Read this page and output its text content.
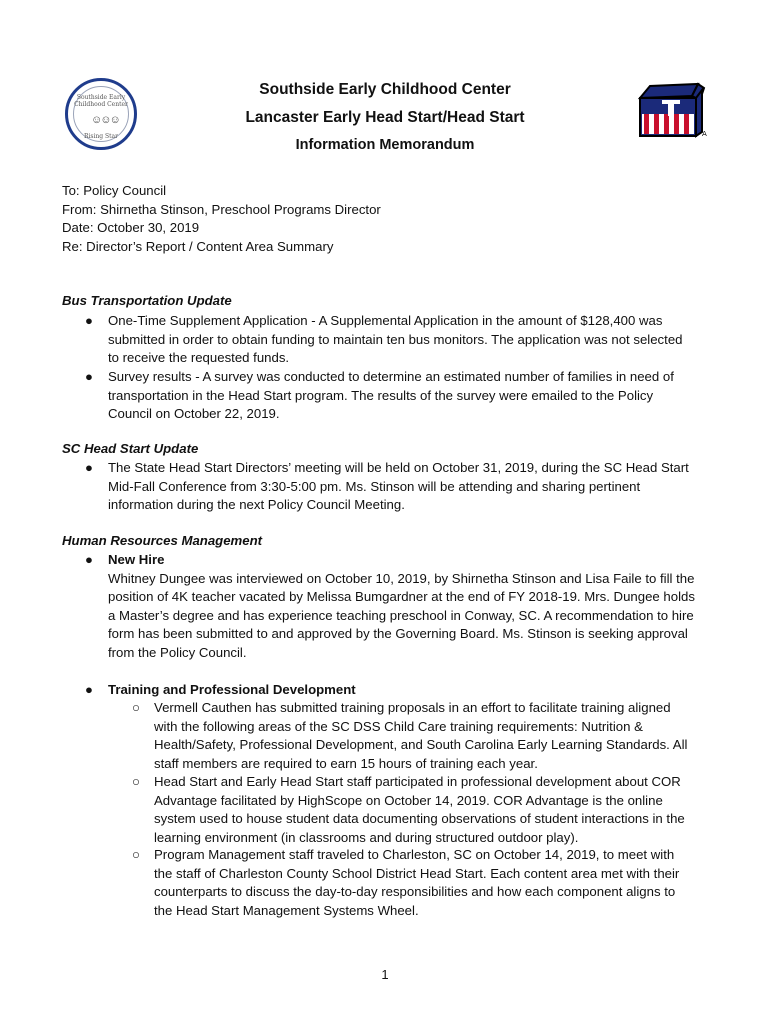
Southside Early
Childhood Center
☺☺☺
Rising Star	A
Southside Early Childhood Center
Lancaster Early Head Start/Head Start
Information Memorandum
To: Policy Council
From: Shirnetha Stinson, Preschool Programs Director
Date: October 30, 2019
Re: Director’s Report / Content Area Summary
Bus Transportation Update
● One-Time Supplement Application - A Supplemental Application in the amount of $128,400 was
submitted in order to obtain funding to maintain ten bus monitors. The application was not selected
to receive the requested funds.
● Survey results - A survey was conducted to determine an estimated number of families in need of
transportation in the Head Start program. The results of the survey were emailed to the Policy
Council on October 22, 2019.
SC Head Start Update
● The State Head Start Directors’ meeting will be held on October 31, 2019, during the SC Head Start
Mid-Fall Conference from 3:30-5:00 pm. Ms. Stinson will be attending and sharing pertinent
information during the next Policy Council Meeting.
Human Resources Management
● New Hire
Whitney Dungee was interviewed on October 10, 2019, by Shirnetha Stinson and Lisa Faile to fill the
position of 4K teacher vacated by Melissa Bumgardner at the end of FY 2018-19. Mrs. Dungee holds
a Master’s degree and has experience teaching preschool in Conway, SC. A recommendation to hire
form has been submitted to and approved by the Governing Board. Ms. Stinson is seeking approval
from the Policy Council.
● Training and Professional Development
○ Vermell Cauthen has submitted training proposals in an effort to facilitate training aligned
with the following areas of the SC DSS Child Care training requirements: Nutrition &
Health/Safety, Professional Development, and South Carolina Early Learning Standards. All
staff members are required to earn 15 hours of training each year.
○ Head Start and Early Head Start staff participated in professional development about COR
Advantage facilitated by HighScope on October 14, 2019. COR Advantage is the online
system used to house student data documenting observations of student interactions in the
learning environment (in classrooms and during structured outdoor play).
○ Program Management staff traveled to Charleston, SC on October 14, 2019, to meet with
the staff of Charleston County School District Head Start. Each content area met with their
counterparts to discuss the day-to-day responsibilities and how each component aligns to
the Head Start Management Systems Wheel.
1
